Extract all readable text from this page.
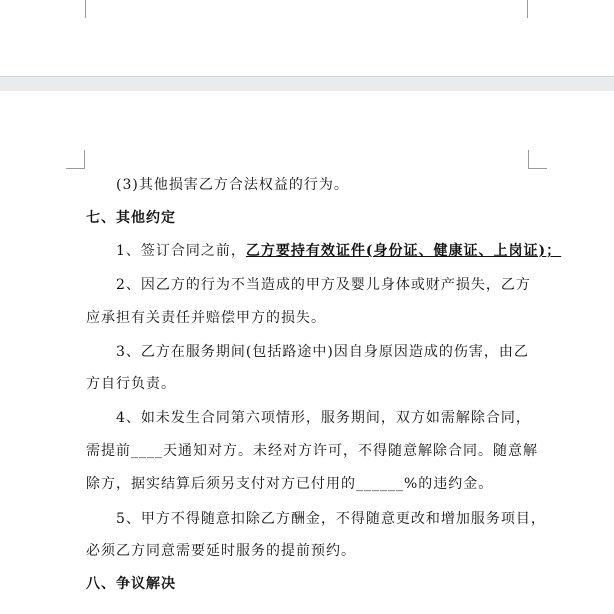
(3)其他损害乙方合法权益的行为。
七、其他约定
1、签订合同之前，乙方要持有效证件(身份证、健康证、上岗证)；
2、因乙方的行为不当造成的甲方及婴儿身体或财产损失，乙方
应承担有关责任并赔偿甲方的损失。
3、乙方在服务期间(包括路途中)因自身原因造成的伤害，由乙
方自行负责。
4、如未发生合同第六项情形，服务期间，双方如需解除合同，
需提前____天通知对方。未经对方许可，不得随意解除合同。随意解
除方，据实结算后须另支付对方已付用的______%的违约金。
5、甲方不得随意扣除乙方酬金，不得随意更改和增加服务项目，
必须乙方同意需要延时服务的提前预约。
八、争议解决
